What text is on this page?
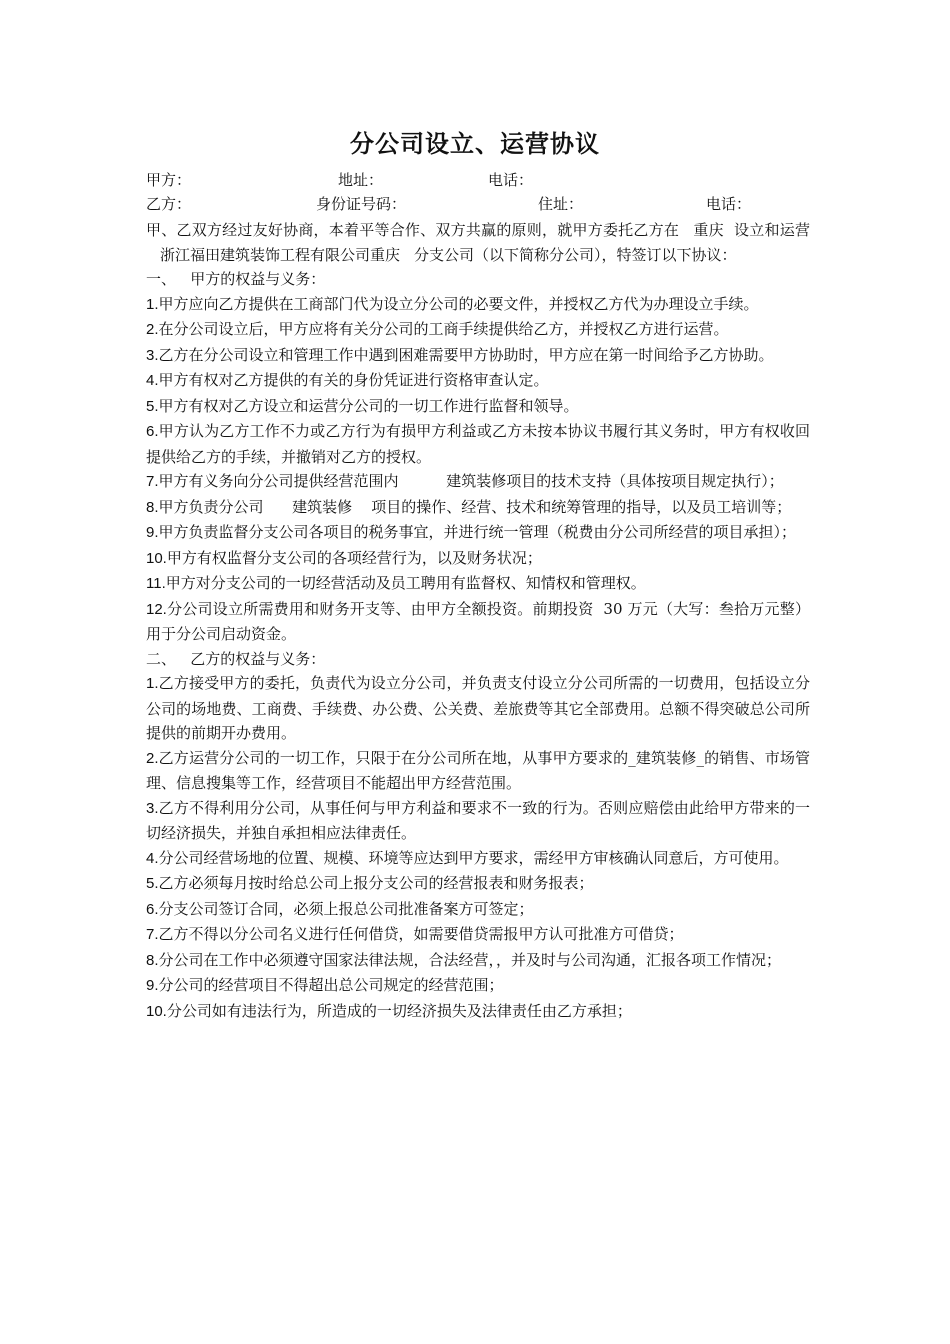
分公司设立、运营协议
甲方：	地址：	电话：
乙方：	身份证号码：	住址：	电话：

甲、乙双方经过友好协商，本着平等合作、双方共赢的原则，就甲方委托乙方在 重庆 设立和运营浙江福田建筑装饰工程有限公司重庆 分支公司（以下简称分公司），特签订以下协议：

一、   甲方的权益与义务：

1.甲方应向乙方提供在工商部门代为设立分公司的必要文件，并授权乙方代为办理设立手续。

2.在分公司设立后，甲方应将有关分公司的工商手续提供给乙方，并授权乙方进行运营。

3.乙方在分公司设立和管理工作中遇到困难需要甲方协助时，甲方应在第一时间给予乙方协助。

4.甲方有权对乙方提供的有关的身份凭证进行资格审查认定。

5.甲方有权对乙方设立和运营分公司的一切工作进行监督和领导。

6.甲方认为乙方工作不力或乙方行为有损甲方利益或乙方未按本协议书履行其义务时，甲方有权收回提供给乙方的手续，并撤销对乙方的授权。

7.甲方有义务向分公司提供经营范围内          建筑装修项目的技术支持（具体按项目规定执行）；

8.甲方负责分公司      建筑装修    项目的操作、经营、技术和统筹管理的指导，以及员工培训等；

9.甲方负责监督分支公司各项目的税务事宜，并进行统一管理（税费由分公司所经营的项目承担）；

10.甲方有权监督分支公司的各项经营行为，以及财务状况；

11.甲方对分支公司的一切经营活动及员工聘用有监督权、知情权和管理权。

12.分公司设立所需费用和财务开支等、由甲方全额投资。前期投资  30 万元（大写：叁拾万元整）用于分公司启动资金。

二、   乙方的权益与义务：

1.乙方接受甲方的委托，负责代为设立分公司，并负责支付设立分公司所需的一切费用，包括设立分公司的场地费、工商费、手续费、办公费、公关费、差旅费等其它全部费用。总额不得突破总公司所提供的前期开办费用。

2.乙方运营分公司的一切工作，只限于在分公司所在地，从事甲方要求的_建筑装修_的销售、市场管理、信息搜集等工作，经营项目不能超出甲方经营范围。

3.乙方不得利用分公司，从事任何与甲方利益和要求不一致的行为。否则应赔偿由此给甲方带来的一切经济损失，并独自承担相应法律责任。

4.分公司经营场地的位置、规模、环境等应达到甲方要求，需经甲方审核确认同意后，方可使用。

5.乙方必须每月按时给总公司上报分支公司的经营报表和财务报表；

6.分支公司签订合同，必须上报总公司批准备案方可签定；

7.乙方不得以分公司名义进行任何借贷，如需要借贷需报甲方认可批准方可借贷；

8.分公司在工作中必须遵守国家法律法规，合法经营，，并及时与公司沟通，汇报各项工作情况；

9.分公司的经营项目不得超出总公司规定的经营范围；

10.分公司如有违法行为，所造成的一切经济损失及法律责任由乙方承担；
